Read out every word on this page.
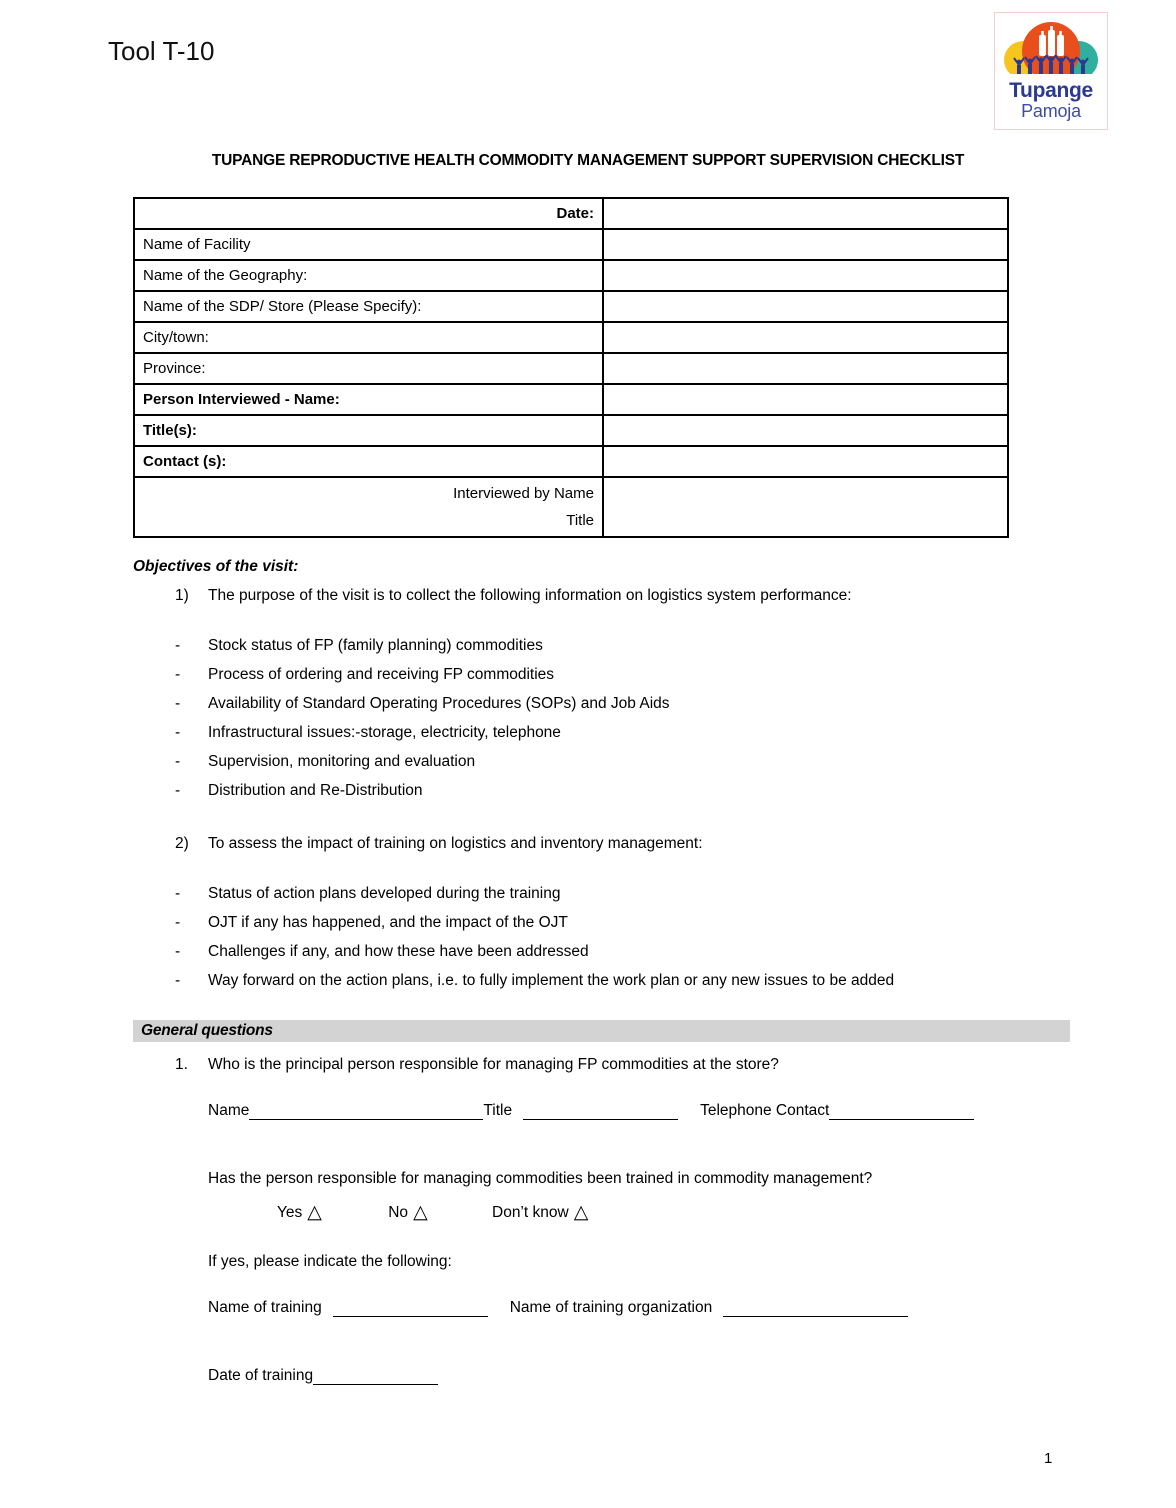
Tool T-10
Tupange
Pamoja
TUPANGE REPRODUCTIVE HEALTH COMMODITY MANAGEMENT SUPPORT SUPERVISION CHECKLIST
Date:	
Name of Facility	
Name of the Geography:	
Name of the SDP/ Store (Please Specify):	
City/town:	
Province:	
Person Interviewed - Name:	
Title(s):	
Contact (s):	

Interviewed by Name
Title	

Objectives of the visit:
1) The purpose of the visit is to collect the following information on logistics system performance:
- Stock status of FP (family planning) commodities
- Process of ordering and receiving FP commodities
- Availability of Standard Operating Procedures (SOPs) and Job Aids
- Infrastructural issues:-storage, electricity, telephone
- Supervision, monitoring and evaluation
- Distribution and Re-Distribution
2) To assess the impact of training on logistics and inventory management:
- Status of action plans developed during the training
- OJT if any has happened, and the impact of the OJT
- Challenges if any, and how these have been addressed
- Way forward on the action plans, i.e. to fully implement the work plan or any new issues to be added
General questions
1. Who is the principal person responsible for managing FP commodities at the store?
Name	Title	Telephone Contact
Has the person responsible for managing commodities been trained in commodity management?
Yes △	No △	Don’t know △
If yes, please indicate the following:
Name of training	Name of training organization
Date of training
1
